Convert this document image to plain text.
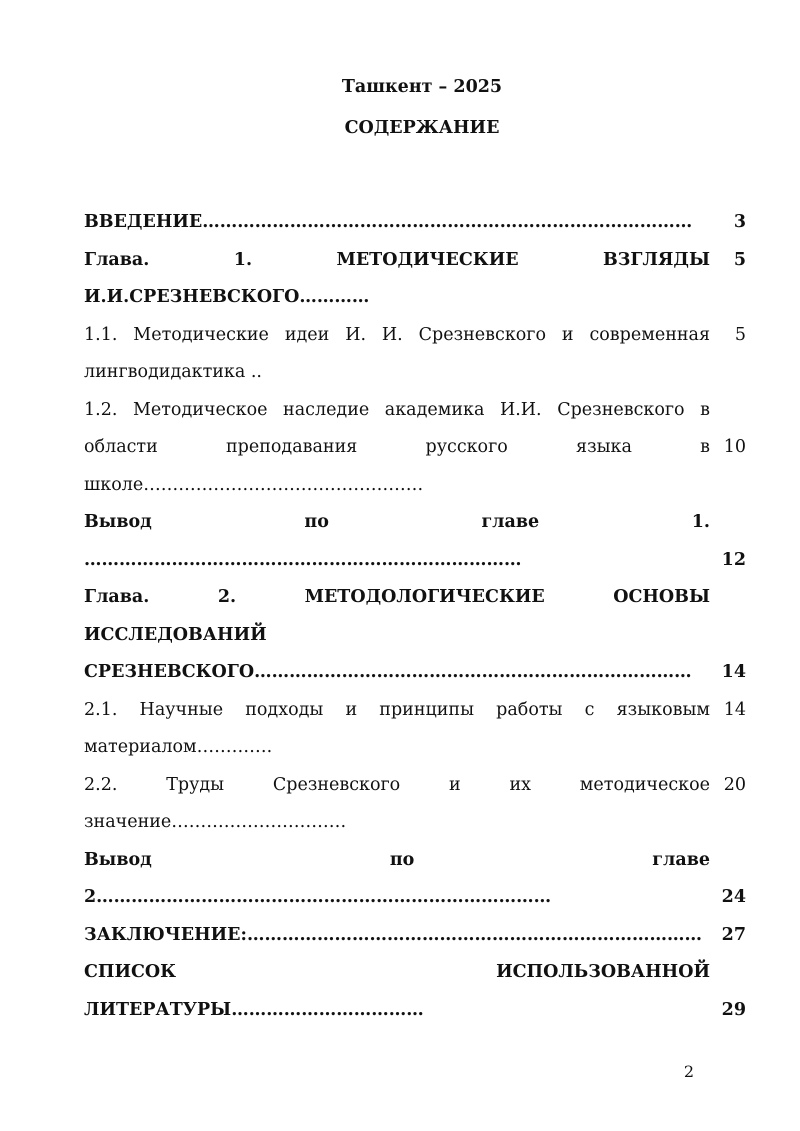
Ташкент – 2025
СОДЕРЖАНИЕ
ВВЕДЕНИЕ…………………………………………………………………………	3
Глава. 1. МЕТОДИЧЕСКИЕ ВЗГЛЯДЫ	5
И.И.СРЕЗНЕВСКОГО…………
1.1. Методические идеи И. И. Срезневского и современная	5
лингводидактика ..
1.2. Методическое наследие академика И.И. Срезневского в
области преподавания русского языка в 10
школе…………………………………………
Вывод по главе 1. …………………………………………………………………	12
Глава. 2. МЕТОДОЛОГИЧЕСКИЕ ОСНОВЫ ИССЛЕДОВАНИЙ
СРЕЗНЕВСКОГО…………………………………………………………………	14
2.1. Научные подходы и принципы работы с языковым 14
материалом………….
2.2. Труды Срезневского и их методическое 20
значение…………………………
Вывод по главе 2……………………………………………………………………	24
ЗАКЛЮЧЕНИЕ:……………………………………………………………………	27
СПИСОК ИСПОЛЬЗОВАННОЙ ЛИТЕРАТУРЫ……………………………	29
2
